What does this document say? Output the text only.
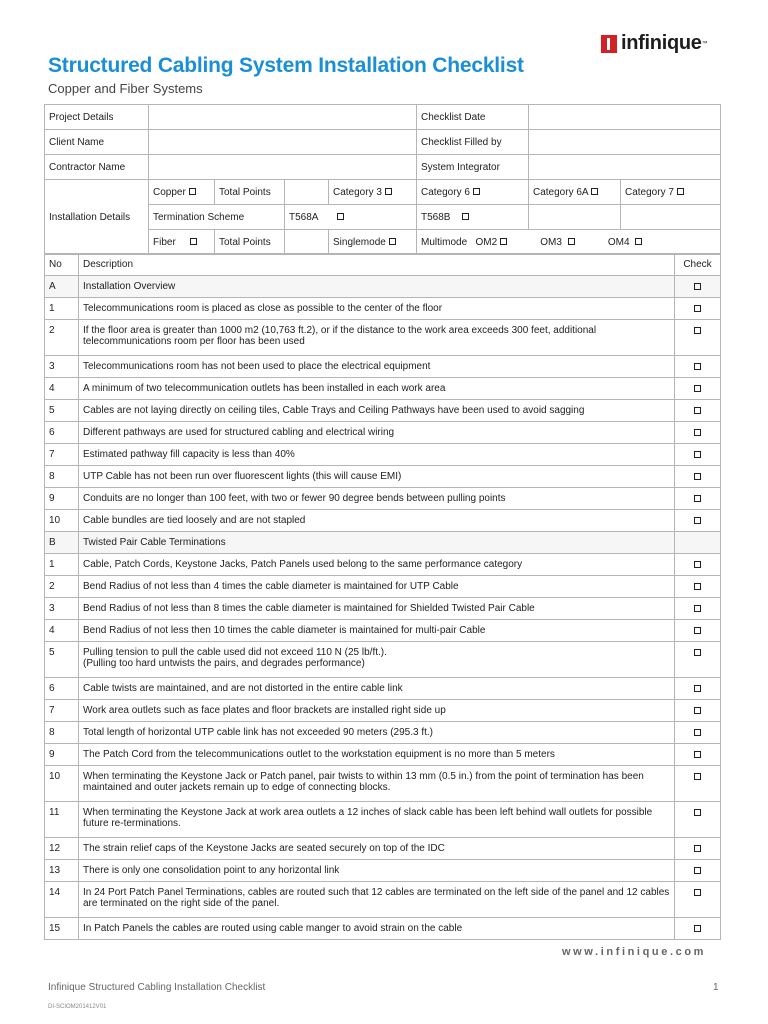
Structured Cabling System Installation Checklist
Copper and Fiber Systems
infinique ™
Project Details		Checklist Date	
Client Name		Checklist Filled by	
Contractor Name		System Integrator	
Installation Details	Copper	Total Points		Category 3	Category 6	Category 6A	Category 7
	Termination Scheme		T568A		T568B		
	Fiber	Total Points		Singlemode	Multimode OM2 OM3 OM4		
No	Description	Check
A	Installation Overview	
1	Telecommunications room is placed as close as possible to the center of the floor	
2	If the floor area is greater than 1000 m2 (10,763 ft.2), or if the distance to the work area exceeds 300 feet, additional telecommunications room per floor has been used	
3	Telecommunications room has not been used to place the electrical equipment	
4	A minimum of two telecommunication outlets has been installed in each work area	
5	Cables are not laying directly on ceiling tiles, Cable Trays and Ceiling Pathways have been used to avoid sagging	
6	Different pathways are used for structured cabling and electrical wiring	
7	Estimated pathway fill capacity is less than 40%	
8	UTP Cable has not been run over fluorescent lights (this will cause EMI)	
9	Conduits are no longer than 100 feet, with two or fewer 90 degree bends between pulling points	
10	Cable bundles are tied loosely and are not stapled	
B	Twisted Pair Cable Terminations	
1	Cable, Patch Cords, Keystone Jacks, Patch Panels used belong to the same performance category	
2	Bend Radius of not less than 4 times the cable diameter is maintained for UTP Cable	
3	Bend Radius of not less than 8 times the cable diameter is maintained for Shielded Twisted Pair Cable	
4	Bend Radius of not less then 10 times the cable diameter is maintained for multi-pair Cable	
5	Pulling tension to pull the cable used did not exceed 110 N (25 lb/ft.).
(Pulling too hard untwists the pairs, and degrades performance)	

6	Cable twists are maintained, and are not distorted in the entire cable link	
7	Work area outlets such as face plates and floor brackets are installed right side up	
8	Total length of horizontal UTP cable link has not exceeded 90 meters (295.3 ft.)	
9	The Patch Cord from the telecommunications outlet to the workstation equipment is no more than 5 meters	
10	When terminating the Keystone Jack or Patch panel, pair twists to within 13 mm (0.5 in.) from the point of termination has been maintained and outer jackets remain up to edge of connecting blocks.	
11	When terminating the Keystone Jack at work area outlets a 12 inches of slack cable has been left behind wall outlets for possible future re-terminations.	
12	The strain relief caps of the Keystone Jacks are seated securely on top of the IDC	
13	There is only one consolidation point to any horizontal link	
14	In 24 Port Patch Panel Terminations, cables are routed such that 12 cables are terminated on the left side of the panel and 12 cables are terminated on the right side of the panel.	
15	In Patch Panels the cables are routed using cable manger to avoid strain on the cable	
www.infinique.com
Infinique Structured Cabling Installation Checklist	1
DI-SCIOM201412V01
